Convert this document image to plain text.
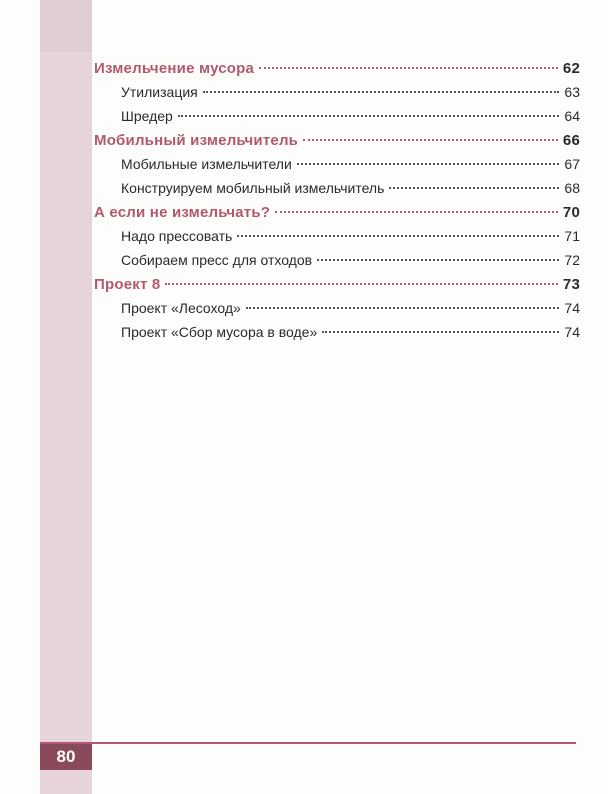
Измельчение мусора	62
Утилизация	63
Шредер	64
Мобильный измельчитель	66
Мобильные измельчители	67
Конструируем мобильный измельчитель	68
А если не измельчать?	70
Надо прессовать	71
Собираем пресс для отходов	72
Проект 8	73
Проект «Лесоход»	74
Проект «Сбор мусора в воде»	74
80
